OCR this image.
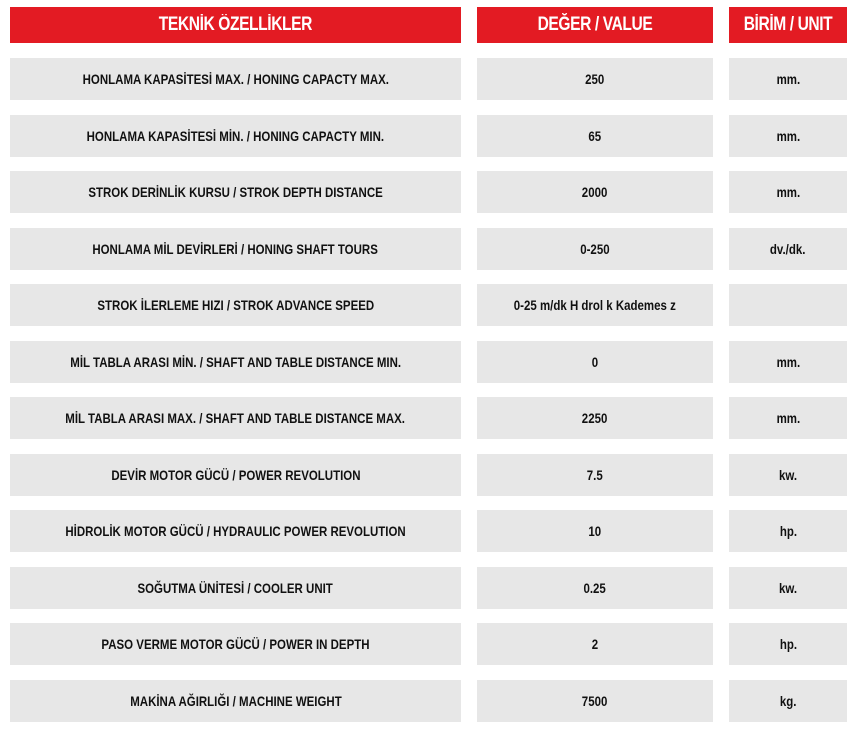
TEKNİK ÖZELLİKLER	DEĞER / VALUE	BİRİM / UNIT
HONLAMA KAPASİTESİ MAX. / HONING CAPACTY MAX.	250	mm.
HONLAMA KAPASİTESİ MİN. / HONING CAPACTY MIN.	65	mm.
STROK DERİNLİK KURSU / STROK DEPTH DISTANCE	2000	mm.
HONLAMA MİL DEVİRLERİ / HONING SHAFT TOURS	0-250	dv./dk.
STROK İLERLEME HIZI / STROK ADVANCE SPEED	0-25 m/dk H drol k Kademes z
MİL TABLA ARASI MİN. / SHAFT AND TABLE DISTANCE MIN.	0	mm.
MİL TABLA ARASI MAX. / SHAFT AND TABLE DISTANCE MAX.	2250	mm.
DEVİR MOTOR GÜCÜ / POWER REVOLUTION	7.5	kw.
HİDROLİK MOTOR GÜCÜ / HYDRAULIC POWER REVOLUTION	10	hp.
SOĞUTMA ÜNİTESİ / COOLER UNIT	0.25	kw.
PASO VERME MOTOR GÜCÜ / POWER IN DEPTH	2	hp.
MAKİNA AĞIRLIĞI / MACHINE WEIGHT	7500	kg.
